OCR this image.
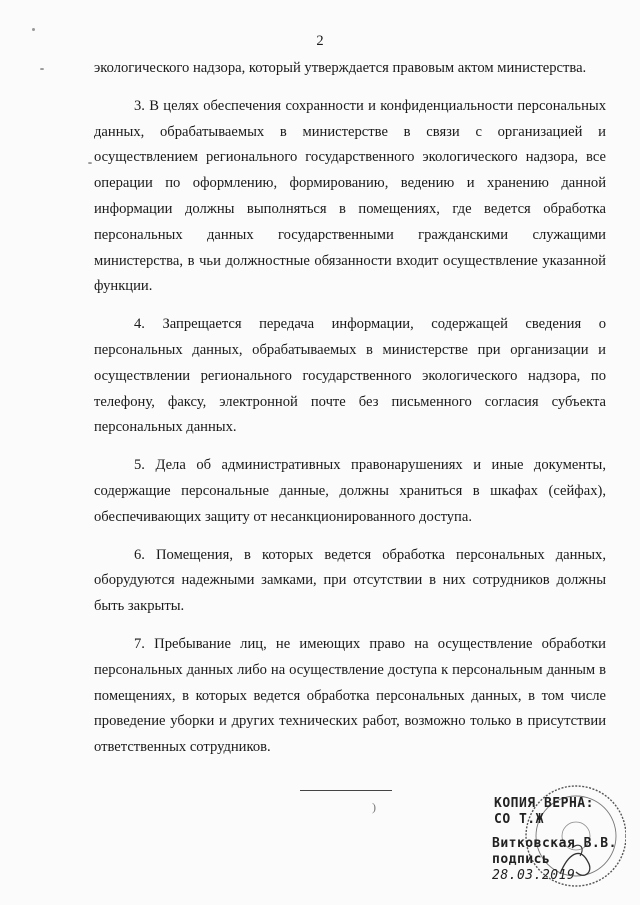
2

экологического надзора, который утверждается правовым актом министерства.

3. В целях обеспечения сохранности и конфиденциальности персональных данных, обрабатываемых в министерстве в связи с организацией и осуществлением регионального государственного экологического надзора, все операции по оформлению, формированию, ведению и хранению данной информации должны выполняться в помещениях, где ведется обработка персональных данных государственными гражданскими служащими министерства, в чьи должностные обязанности входит осуществление указанной функции.

4. Запрещается передача информации, содержащей сведения о персональных данных, обрабатываемых в министерстве при организации и осуществлении регионального государственного экологического надзора, по телефону, факсу, электронной почте без письменного согласия субъекта персональных данных.

5. Дела об административных правонарушениях и иные документы, содержащие персональные данные, должны храниться в шкафах (сейфах), обеспечивающих защиту от несанкционированного доступа.

6. Помещения, в которых ведется обработка персональных данных, оборудуются надежными замками, при отсутствии в них сотрудников должны быть закрыты.

7. Пребывание лиц, не имеющих право на осуществление обработки персональных данных либо на осуществление доступа к персональным данным в помещениях, в которых ведется обработка персональных данных, в том числе проведение уборки и других технических работ, возможно только в присутствии ответственных сотрудников.

)	КОПИЯ ВЕРНА:
СО Т.Ж
Витковская В.В.
подпись
28.03.2019
